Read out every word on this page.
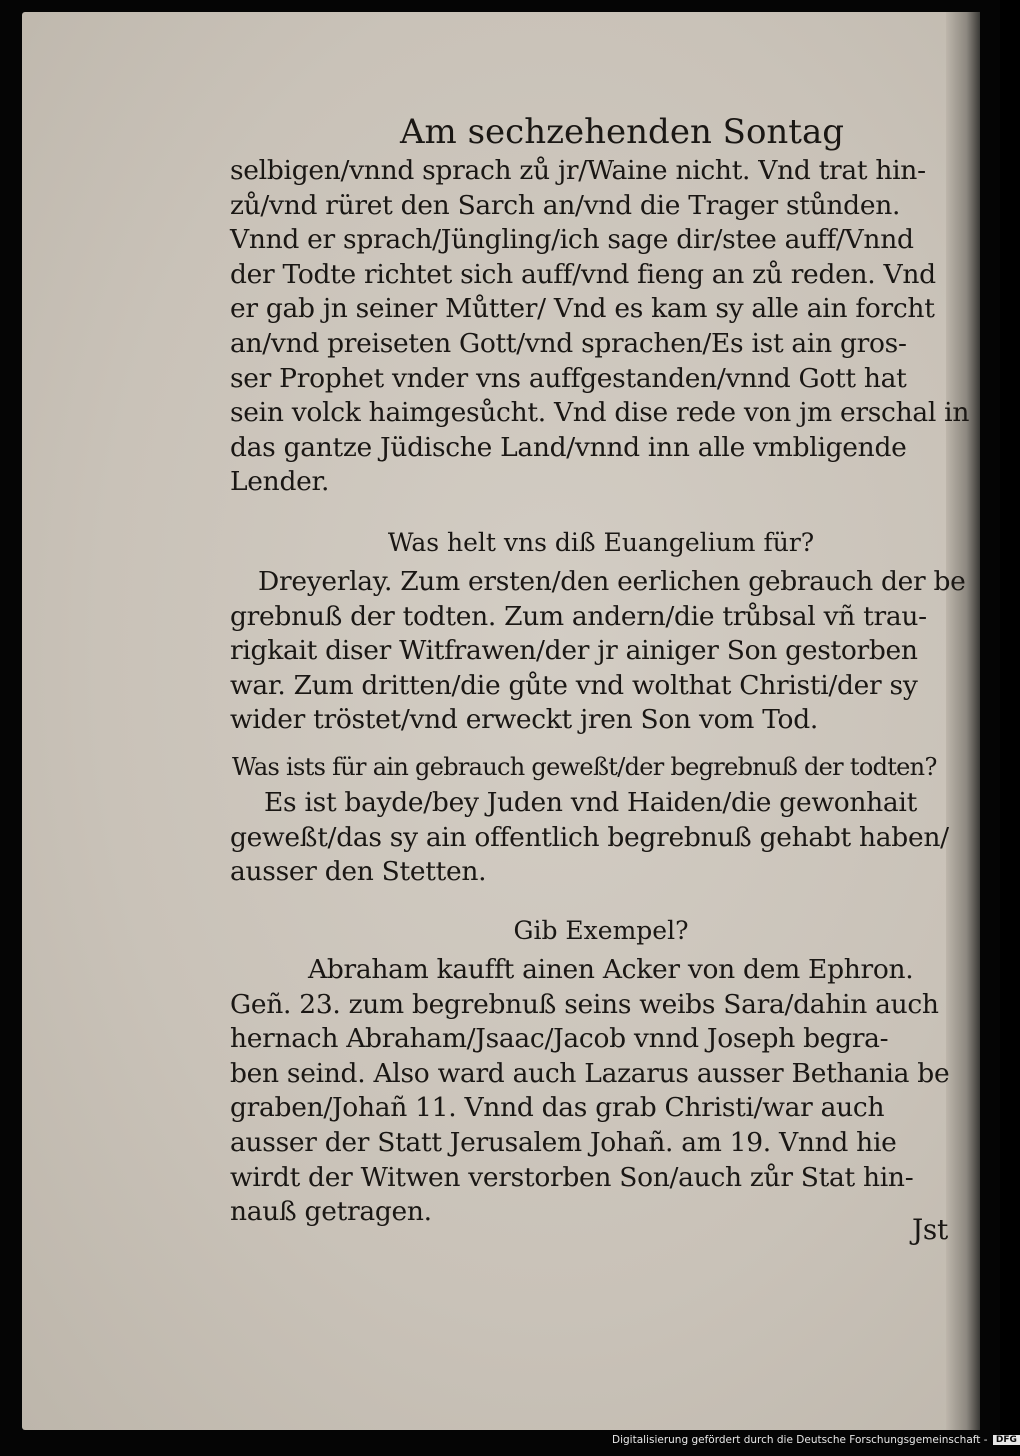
Am sechzehenden Sontag
selbigen/vnnd sprach zů jr/Waine nicht. Vnd trat hin-
zů/vnd rüret den Sarch an/vnd die Trager stůnden.
Vnnd er sprach/Jüngling/ich sage dir/stee auff/Vnnd
der Todte richtet sich auff/vnd fieng an zů reden. Vnd
er gab jn seiner Můtter/ Vnd es kam sy alle ain forcht
an/vnd preiseten Gott/vnd sprachen/Es ist ain gros-
ser Prophet vnder vns auffgestanden/vnnd Gott hat
sein volck haimgesůcht. Vnd dise rede von jm erschal in
das gantze Jüdische Land/vnnd inn alle vmbligende
Lender.
Was helt vns diß Euangelium für?
Dreyerlay. Zum ersten/den eerlichen gebrauch der be
grebnuß der todten. Zum andern/die trůbsal vñ trau-
rigkait diser Witfrawen/der jr ainiger Son gestorben
war. Zum dritten/die gůte vnd wolthat Christi/der sy
wider tröstet/vnd erweckt jren Son vom Tod.
Was ists für ain gebrauch geweßt/der begrebnuß der todten?
Es ist bayde/bey Juden vnd Haiden/die gewonhait
geweßt/das sy ain offentlich begrebnuß gehabt haben/
ausser den Stetten.
Gib Exempel?
Abraham kaufft ainen Acker von dem Ephron.
Geñ. 23. zum begrebnuß seins weibs Sara/dahin auch
hernach Abraham/Jsaac/Jacob vnnd Joseph begra-
ben seind. Also ward auch Lazarus ausser Bethania be
graben/Johañ 11. Vnnd das grab Christi/war auch
ausser der Statt Jerusalem Johañ. am 19. Vnnd hie
wirdt der Witwen verstorben Son/auch zůr Stat hin-
nauß getragen.
Jst
Digitalisierung gefördert durch die Deutsche Forschungsgemeinschaft - DFG
